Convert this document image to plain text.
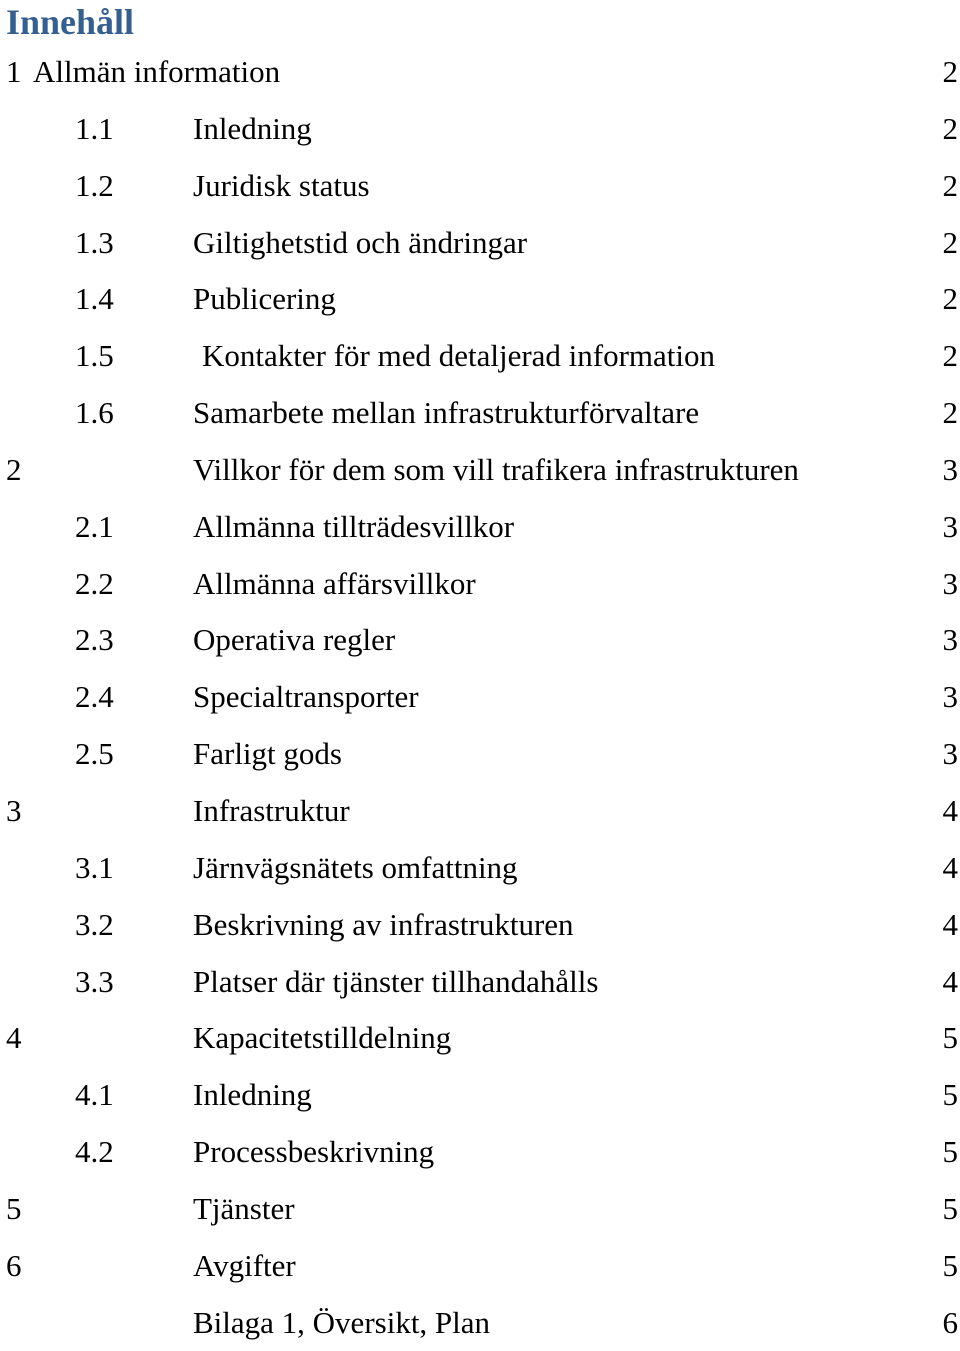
Innehåll
1 Allmän information	2
1.1	Inledning	2
1.2	Juridisk status	2
1.3	Giltighetstid och ändringar	2
1.4	Publicering	2
1.5	Kontakter för med detaljerad information	2
1.6	Samarbete mellan infrastrukturförvaltare	2
2	Villkor för dem som vill trafikera infrastrukturen	3
2.1	Allmänna tillträdesvillkor	3
2.2	Allmänna affärsvillkor	3
2.3	Operativa regler	3
2.4	Specialtransporter	3
2.5	Farligt gods	3
3	Infrastruktur	4
3.1	Järnvägsnätets omfattning	4
3.2	Beskrivning av infrastrukturen	4
3.3	Platser där tjänster tillhandahålls	4
4	Kapacitetstilldelning	5
4.1	Inledning	5
4.2	Processbeskrivning	5
5	Tjänster	5
6	Avgifter	5
Bilaga 1, Översikt, Plan	6
